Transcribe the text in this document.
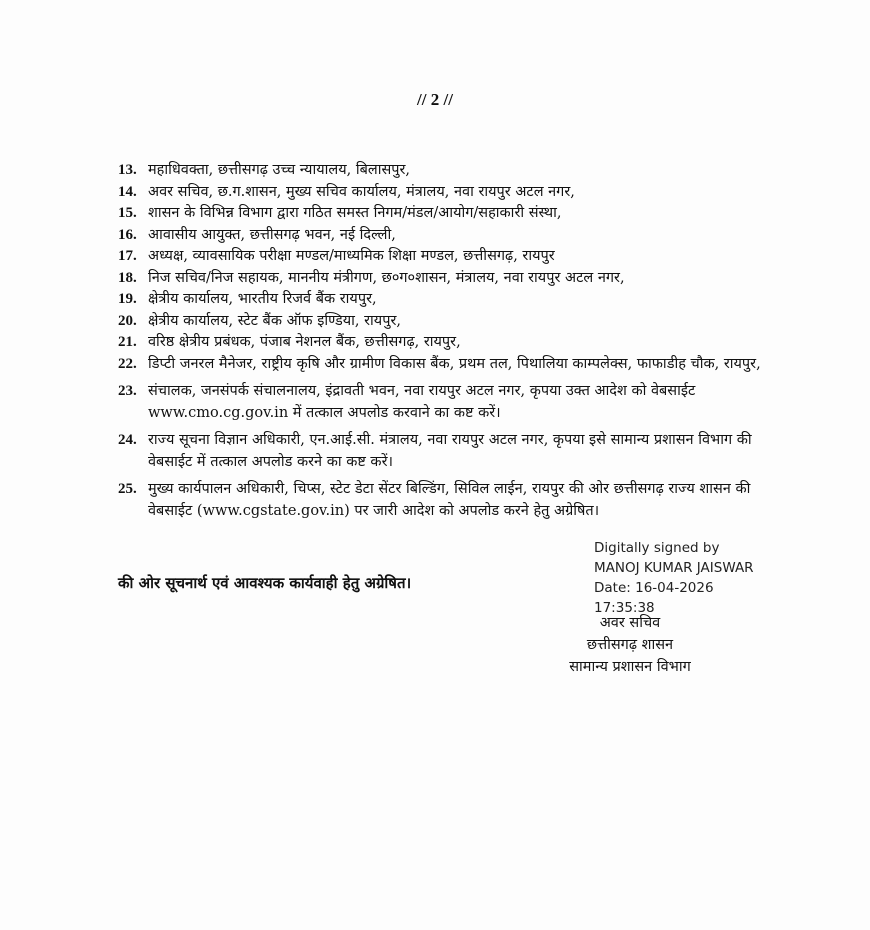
// 2 //
13. महाधिवक्ता, छत्तीसगढ़ उच्च न्यायालय, बिलासपुर,
14. अवर सचिव, छ.ग.शासन, मुख्य सचिव कार्यालय, मंत्रालय, नवा रायपुर अटल नगर,
15. शासन के विभिन्न विभाग द्वारा गठित समस्त निगम/मंडल/आयोग/सहाकारी संस्था,
16. आवासीय आयुक्त, छत्तीसगढ़ भवन, नई दिल्ली,
17. अध्यक्ष, व्यावसायिक परीक्षा मण्डल/माध्यमिक शिक्षा मण्डल, छत्तीसगढ़, रायपुर
18. निज सचिव/निज सहायक, माननीय मंत्रीगण, छ०ग०शासन, मंत्रालय, नवा रायपुर अटल नगर,
19. क्षेत्रीय कार्यालय, भारतीय रिजर्व बैंक रायपुर,
20. क्षेत्रीय कार्यालय, स्टेट बैंक ऑफ इण्डिया, रायपुर,
21. वरिष्ठ क्षेत्रीय प्रबंधक, पंजाब नेशनल बैंक, छत्तीसगढ़, रायपुर,
22. डिप्टी जनरल मैनेजर, राष्ट्रीय कृषि और ग्रामीण विकास बैंक, प्रथम तल, पिथालिया काम्पलेक्स, फाफाडीह चौक, रायपुर,
23. संचालक, जनसंपर्क संचालनालय, इंद्रावती भवन, नवा रायपुर अटल नगर, कृपया उक्त आदेश को वेबसाईट www.cmo.cg.gov.in में तत्काल अपलोड करवाने का कष्ट करें।
24. राज्य सूचना विज्ञान अधिकारी, एन.आई.सी. मंत्रालय, नवा रायपुर अटल नगर, कृपया इसे सामान्य प्रशासन विभाग की वेबसाईट में तत्काल अपलोड करने का कष्ट करें।
25. मुख्य कार्यपालन अधिकारी, चिप्स, स्टेट डेटा सेंटर बिल्डिंग, सिविल लाईन, रायपुर की ओर छत्तीसगढ़ राज्य शासन की वेबसाईट (www.cgstate.gov.in) पर जारी आदेश को अपलोड करने हेतु अग्रेषित।
की ओर सूचनार्थ एवं आवश्यक कार्यवाही हेतु अग्रेषित।
Digitally signed by
MANOJ KUMAR JAISWAR
Date: 16-04-2026
17:35:38
अवर सचिव
छत्तीसगढ़ शासन
सामान्य प्रशासन विभाग
